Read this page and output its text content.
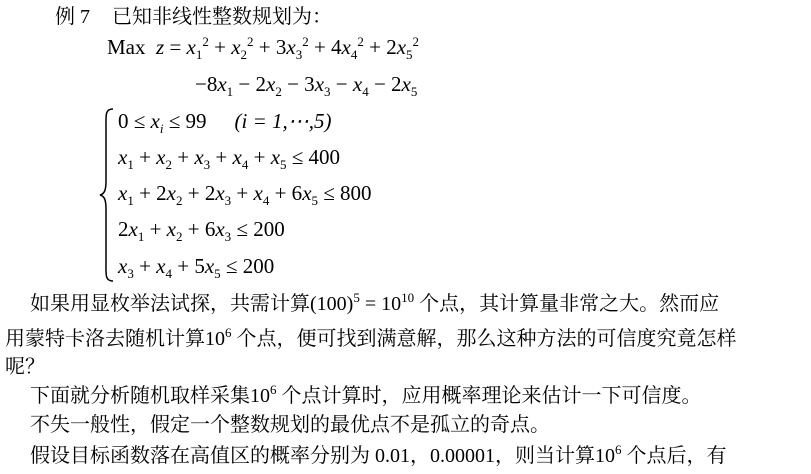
例 7 已知非线性整数规划为：
Max $z = x_1^2 + x_2^2 + 3x_3^2 + 4x_4^2 + 2x_5^2$
$-8x_1 - 2x_2 - 3x_3 - x_4 - 2x_5$
$0 \le x_i \le 99$ (i = 1,⋯,5)
$x_1 + x_2 + x_3 + x_4 + x_5 \le 400$
$x_1 + 2x_2 + 2x_3 + x_4 + 6x_5 \le 800$
$2x_1 + x_2 + 6x_3 \le 200$
$x_3 + x_4 + 5x_5 \le 200$
如果用显枚举法试探，共需计算$(100)^5 = 10^{10}$ 个点，其计算量非常之大。然而应
用蒙特卡洛去随机计算$10^6$ 个点，便可找到满意解，那么这种方法的可信度究竟怎样
呢？
下面就分析随机取样采集$10^6$ 个点计算时，应用概率理论来估计一下可信度。
不失一般性，假定一个整数规划的最优点不是孤立的奇点。
假设目标函数落在高值区的概率分别为 0.01，0.00001，则当计算$10^6$ 个点后，有
